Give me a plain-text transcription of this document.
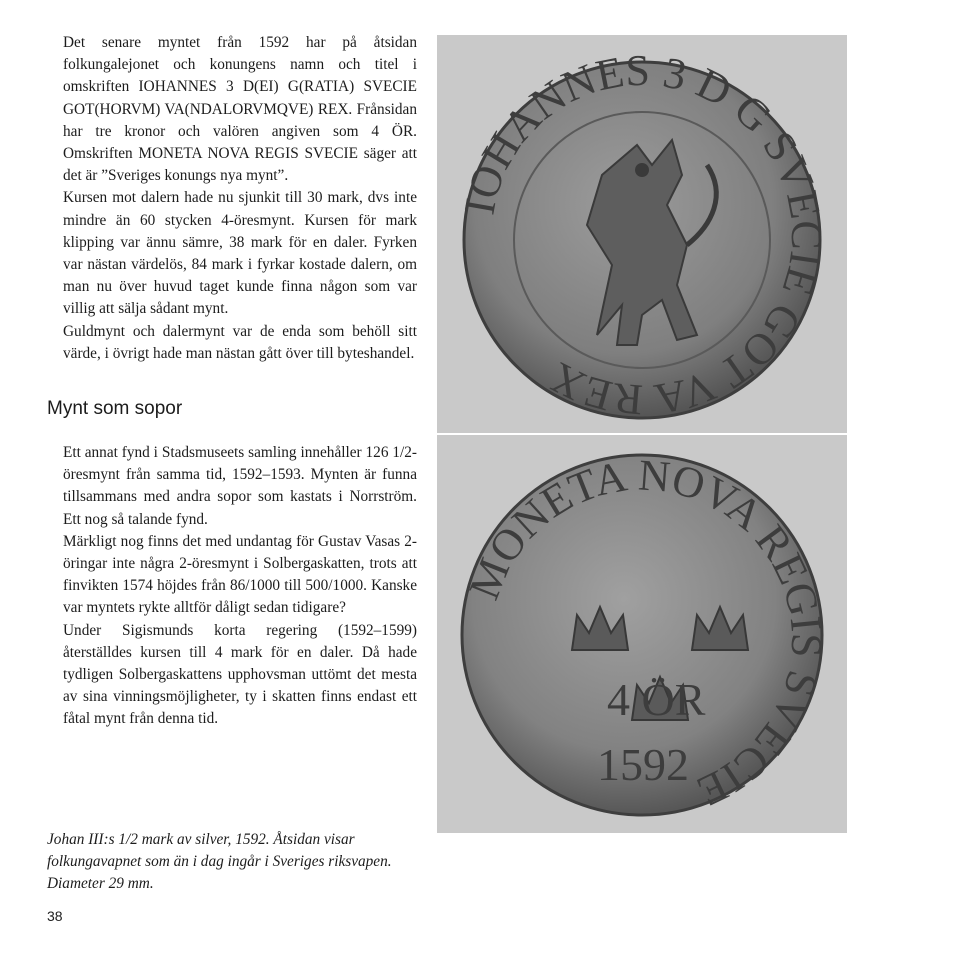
Det senare myntet från 1592 har på åtsidan folkungalejonet och konungens namn och titel i omskriften IOHANNES 3 D(EI) G(RATIA) SVECIE GOT(HORVM) VA(NDALORVMQVE) REX. Frånsidan har tre kronor och valören angiven som 4 ÖR. Omskriften MONETA NOVA REGIS SVECIE säger att det är ”Sveriges konungs nya mynt”.

Kursen mot dalern hade nu sjunkit till 30 mark, dvs inte mindre än 60 stycken 4-öresmynt. Kursen för mark klipping var ännu sämre, 38 mark för en daler. Fyrken var nästan värdelös, 84 mark i fyrkar kostade dalern, om man nu över huvud taget kunde finna någon som var villig att sälja sådant mynt.

Guldmynt och dalermynt var de enda som behöll sitt värde, i övrigt hade man nästan gått över till byteshandel.

Mynt som sopor

Ett annat fynd i Stadsmuseets samling innehåller 126 1/2-öresmynt från samma tid, 1592–1593. Mynten är funna tillsammans med andra sopor som kastats i Norrström. Ett nog så talande fynd.

Märkligt nog finns det med undantag för Gustav Vasas 2-öringar inte några 2-öresmynt i Solbergaskatten, trots att finvikten 1574 höjdes från 86/1000 till 500/1000. Kanske var myntets rykte alltför dåligt sedan tidigare?

Under Sigismunds korta regering (1592–1599) återställdes kursen till 4 mark för en daler. Då hade tydligen Solbergaskattens upphovsman uttömt det mesta av sina vinningsmöjligheter, ty i skatten finns endast ett fåtal mynt från denna tid.

Johan III:s 1/2 mark av silver, 1592. Åtsidan visar folkungavapnet som än i dag ingår i Sveriges riksvapen. Diameter 29 mm.

38

IOHANNES 3 D G SVECIE GOT VA REX
MONETA NOVA REGIS SVECIE
4 ÖR
1592
